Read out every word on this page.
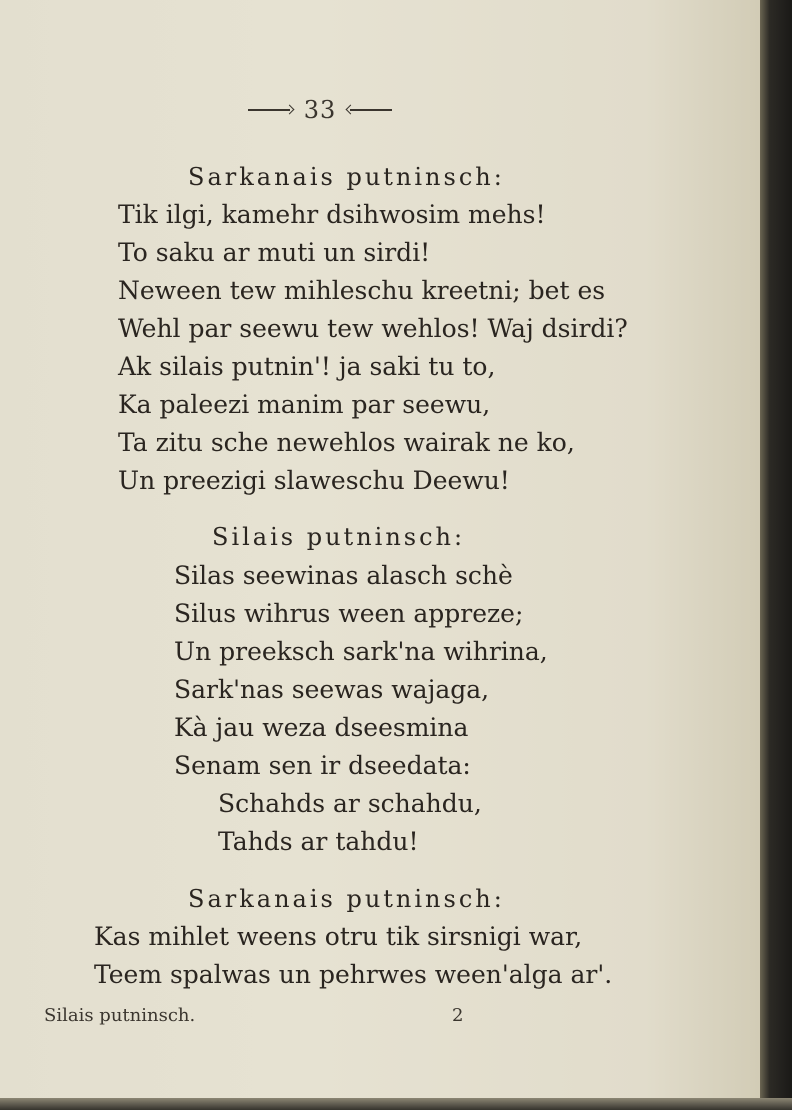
33
Sarkanais putninsch:
Tik ilgi, kamehr dsihwosim mehs!
To saku ar muti un sirdi!
Neween tew mihleschu kreetni; bet es
Wehl par seewu tew wehlos! Waj dsirdi?
Ak silais putnin'! ja saki tu to,
Ka paleezi manim par seewu,
Ta zitu sche newehlos wairak ne ko,
Un preezigi slaweschu Deewu!
Silais putninsch:
Silas seewinas alasch schè
Silus wihrus ween appreze;
Un preeksch sark'na wihrina,
Sark'nas seewas wajaga,
Kà jau weza dseesmina
Senam sen ir dseedata:
Schahds ar schahdu,
Tahds ar tahdu!
Sarkanais putninsch:
Kas mihlet weens otru tik sirsnigi war,
Teem spalwas un pehrwes ween'alga ar'.
Silais putninsch.	2
